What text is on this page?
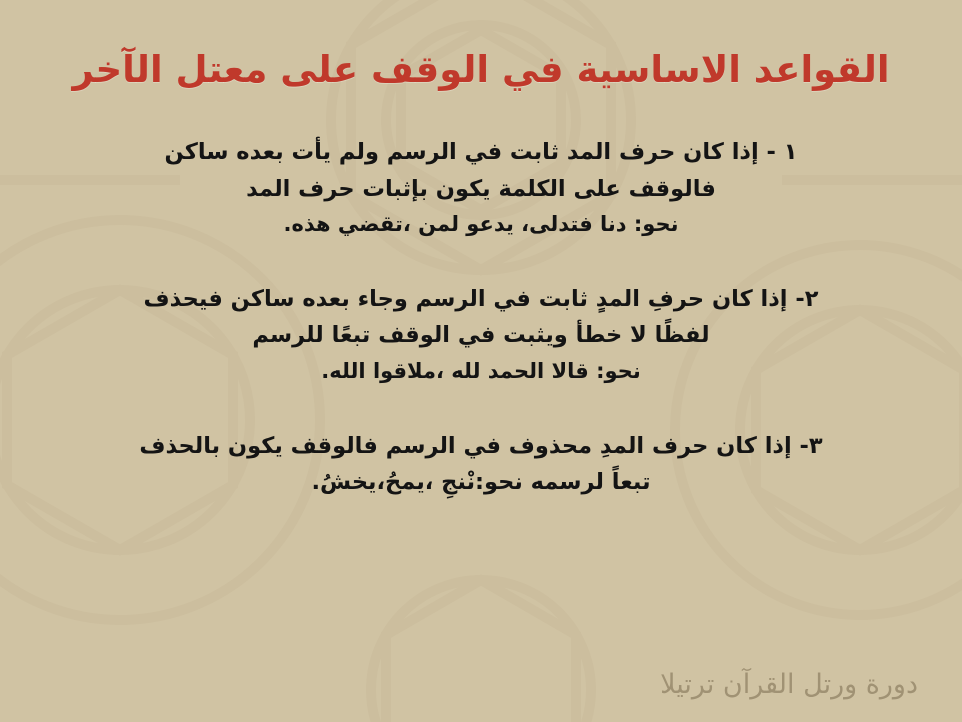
القواعد الاساسية في الوقف على معتل الآخر
١ - إذا كان حرف المد ثابت في الرسم ولم يأت بعده ساكن
فالوقف على الكلمة يكون بإثبات حرف المد
نحو: دنا فتدلى، يدعو لمن ،تقضي هذه.
٢- إذا كان حرفِ المدٍ ثابت في الرسم وجاء بعده ساكن فيحذف
لفظًا لا خطأ ويثبت في الوقف تبعًا للرسم
نحو: قالا الحمد لله ،ملاقوا الله.
٣- إذا كان حرف المدِ محذوف في الرسم فالوقف يكون بالحذف
تبعاً لرسمه نحو:نْنجِ ،يمحُ،يخشُ.
دورة ورتل القرآن ترتيلا
